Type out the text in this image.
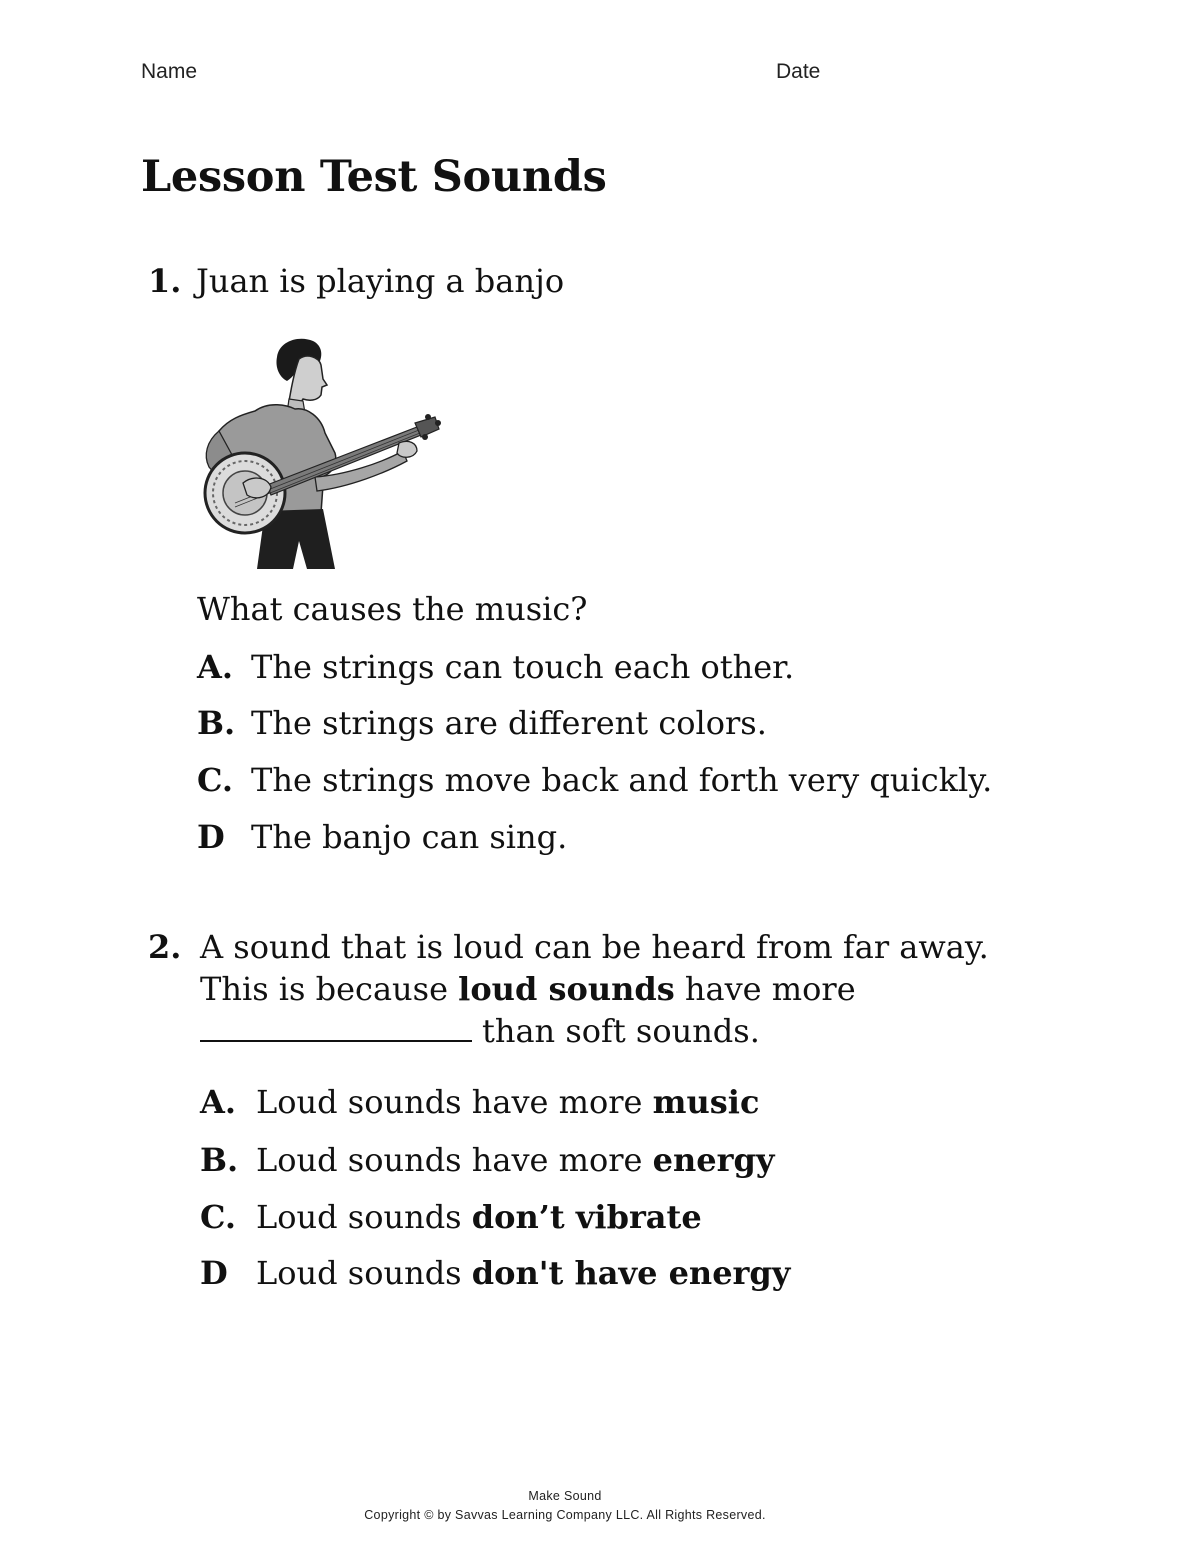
Name	Date
Lesson Test Sounds
1. Juan is playing a banjo
What causes the music?
A. The strings can touch each other.
B. The strings are different colors.
C. The strings move back and forth very quickly.
D The banjo can sing.
2. A sound that is loud can be heard from far away.
This is because loud sounds have more
than soft sounds.
A. Loud sounds have more music
B. Loud sounds have more energy
C. Loud sounds don’t vibrate
D Loud sounds don't have energy
Make Sound
Copyright © by Savvas Learning Company LLC. All Rights Reserved.
